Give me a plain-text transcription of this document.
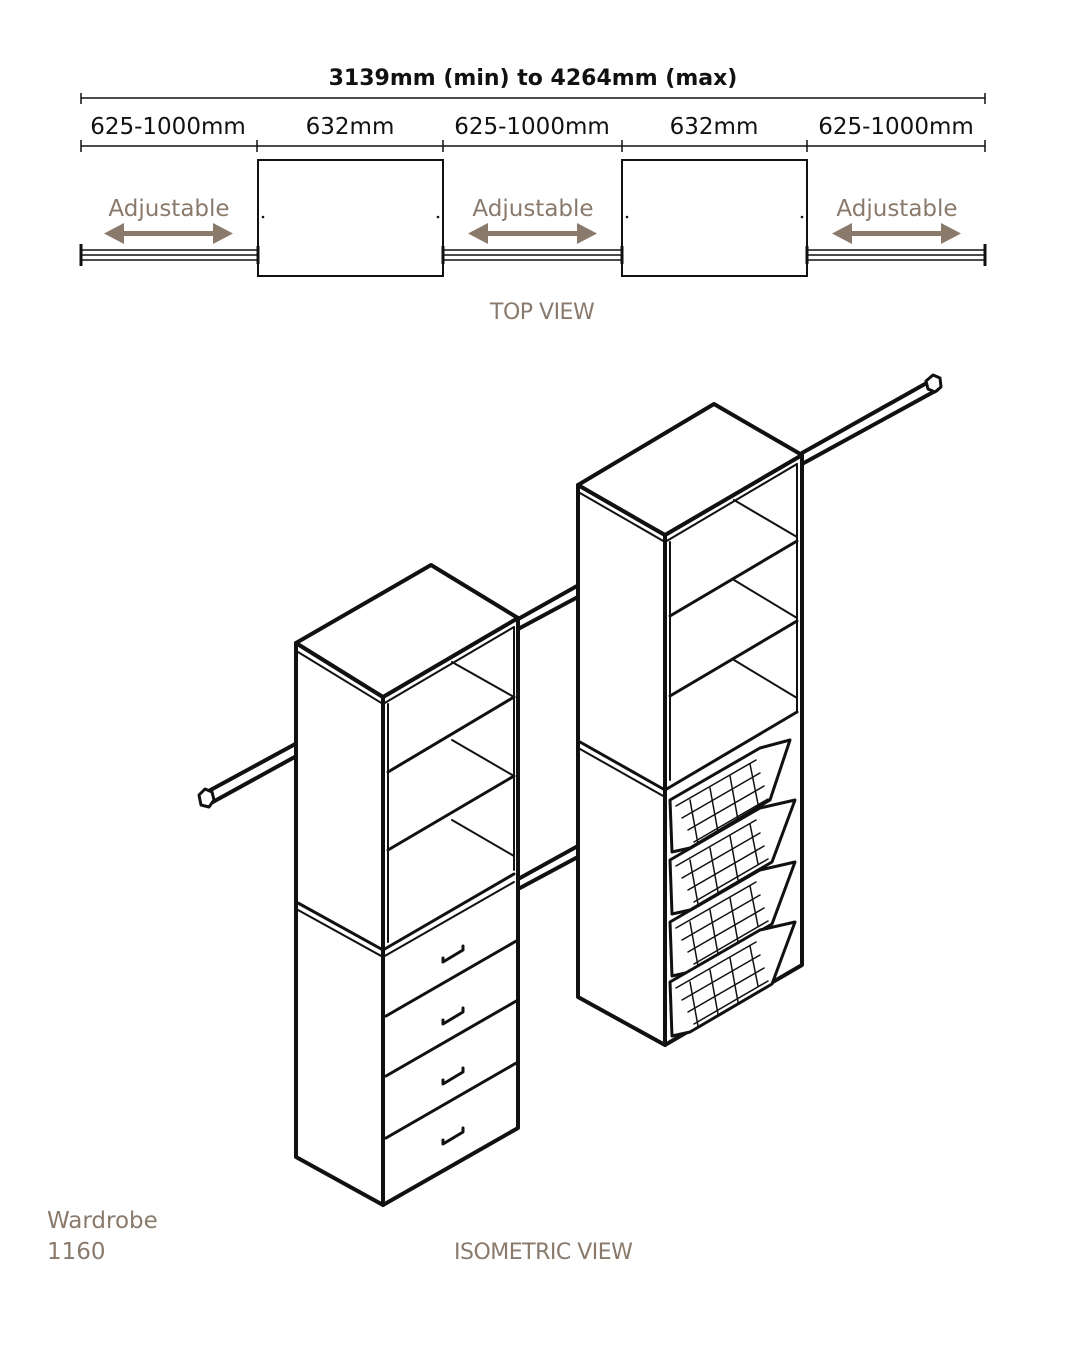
3139mm (min) to 4264mm (max)
625-1000mm	632mm	625-1000mm	632mm	625-1000mm
Adjustable	Adjustable	Adjustable
TOP VIEW
ISOMETRIC VIEW
Wardrobe
1160
